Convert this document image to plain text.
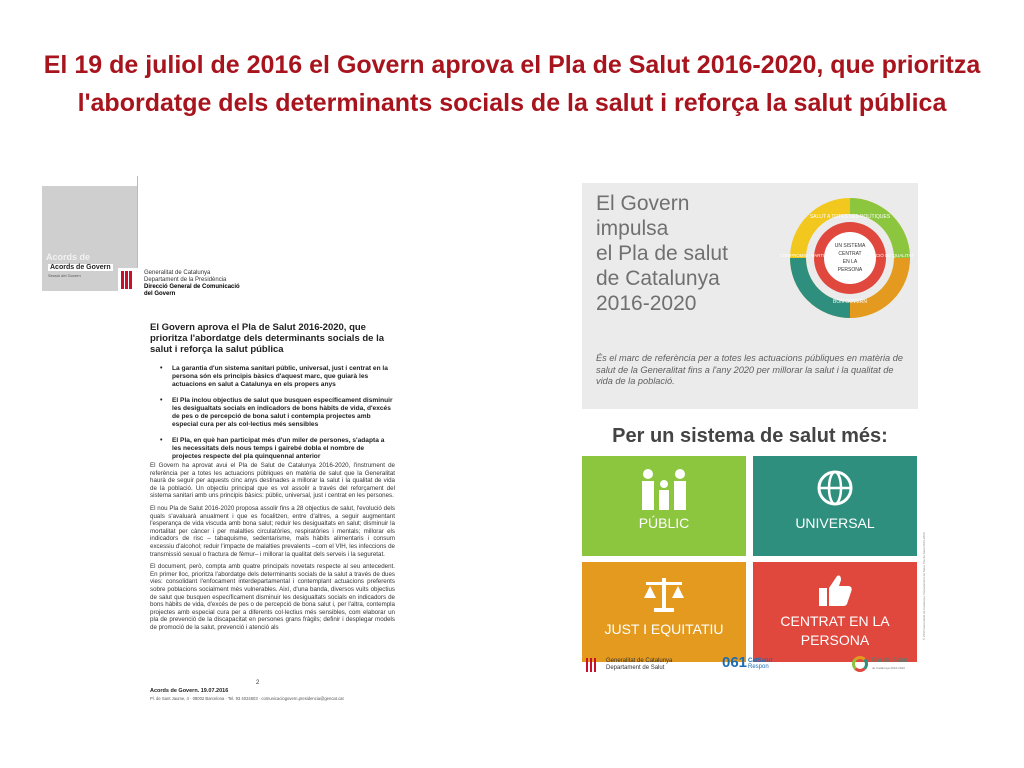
El 19 de juliol de 2016 el Govern aprova el Pla de Salut 2016-2020, que prioritza l'abordatge dels determinants socials de la salut i reforça la salut pública
Acords de
Acords de Govern
Sessió del Govern	Generalitat de Catalunya
Departament de la Presidència
Direcció General de Comunicació
del Govern
El Govern aprova el Pla de Salut 2016-2020, que prioritza l'abordatge dels determinants socials de la salut i reforça la salut pública
• La garantia d'un sistema sanitari públic, universal, just i centrat en la persona són els principis bàsics d'aquest marc, que guiarà les actuacions en salut a Catalunya en els propers anys
• El Pla inclou objectius de salut que busquen específicament disminuir les desigualtats socials en indicadors de bons hàbits de vida, d'excés de pes o de percepció de bona salut i contempla projectes amb especial cura per als col·lectius més sensibles
• El Pla, en què han participat més d'un miler de persones, s'adapta a les necessitats dels nous temps i gairebé dobla el nombre de projectes respecte del pla quinquennal anterior

El Govern ha aprovat avui el Pla de Salut de Catalunya 2016-2020, l'instrument de referència per a totes les actuacions públiques en matèria de salut que la Generalitat haurà de seguir per aquests cinc anys destinades a millorar la salut i la qualitat de vida de la població. Un objectiu principal que es vol assolir a través del reforçament del sistema sanitari amb uns principis bàsics: públic, universal, just i centrat en les persones.

El nou Pla de Salut 2016-2020 proposa assolir fins a 28 objectius de salut, l'evolució dels quals s'avaluarà anualment i que es focalitzen, entre d'altres, a seguir augmentant l'esperança de vida viscuda amb bona salut; reduir les desigualtats en salut; disminuir la mortalitat per càncer i per malalties circulatòries, respiratòries i mentals; millorar els indicadors de risc – tabaquisme, sedentarisme, mals hàbits alimentaris i consum excessiu d'alcohol; reduir l'impacte de malalties prevalents –com el VIH, les infeccions de transmissió sexual o fractura de fèmur– i millorar la qualitat dels serveis i la seguretat.

El document, però, compta amb quatre principals novetats respecte al seu antecedent. En primer lloc, prioritza l'abordatge dels determinants socials de la salut a través de dues vies: consolidant l'enfocament interdepartamental i contemplant actuacions preferents sobre poblacions socialment més vulnerables. Així, d'una banda, diversos vuits objectius de salut que busquen específicament disminuir les desigualtats socials en indicadors de bons hàbits de vida, d'excés de pes o de percepció de bona salut i, per l'altra, contempla projectes amb especial cura per a diferents col·lectius més sensibles, com elaborar un pla de prevenció de la discapacitat en persones grans fràgils; definir i desplegar models de promoció de la salut, prevenció i atenció als

2
Acords de Govern. 19.07.2016
Pl. de Sant Jaume, 4 · 08002 Barcelona · Tel. 93 4024603 · comunicaciogovern.presidencia@gencat.cat
El Govern
impulsa
el Pla de salut
de Catalunya
2016-2020
SALUT A TOTES LES POLÍTIQUES
ATENCIÓ DE QUALITAT
BON GOVERN
COMPROMÍS I PARTICIPACIÓ
UN SISTEMA
CENTRAT
EN LA
PERSONA
És el marc de referència per a totes les actuacions públiques en matèria de salut de la Generalitat fins a l'any 2020 per millorar la salut i la qualitat de vida de la població.
Per un sistema de salut més:
PÚBLIC	UNIVERSAL
JUST I EQUITATIU	CENTRAT EN LA PERSONA	© 2016 Generalitat de Catalunya. Departament de Salut. Pla de Salut 2016-2020
Generalitat de Catalunya
Departament de Salut	061 CatSalut
Respon
Pla de Salut
de Catalunya 2016-2020
